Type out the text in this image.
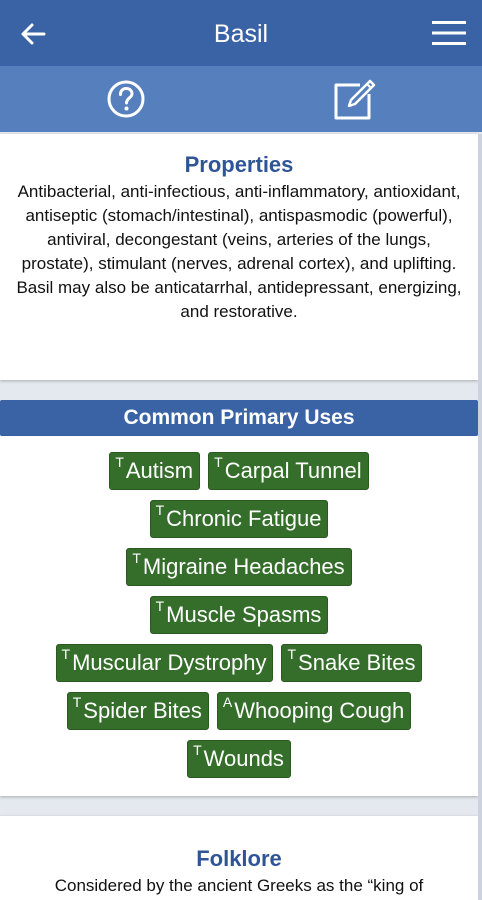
Basil
Properties
Antibacterial, anti-infectious, anti-inflammatory, antioxidant, antiseptic (stomach/intestinal), antispasmodic (powerful), antiviral, decongestant (veins, arteries of the lungs, prostate), stimulant (nerves, adrenal cortex), and uplifting. Basil may also be anticatarrhal, antidepressant, energizing, and restorative.
Common Primary Uses
$^T$Autism	$^T$Carpal Tunnel
$^T$Chronic Fatigue
$^T$Migraine Headaches
$^T$Muscle Spasms
$^T$Muscular Dystrophy	$^T$Snake Bites
$^T$Spider Bites	$^A$Whooping Cough
$^T$Wounds
Folklore
Considered by the ancient Greeks as the “king of
